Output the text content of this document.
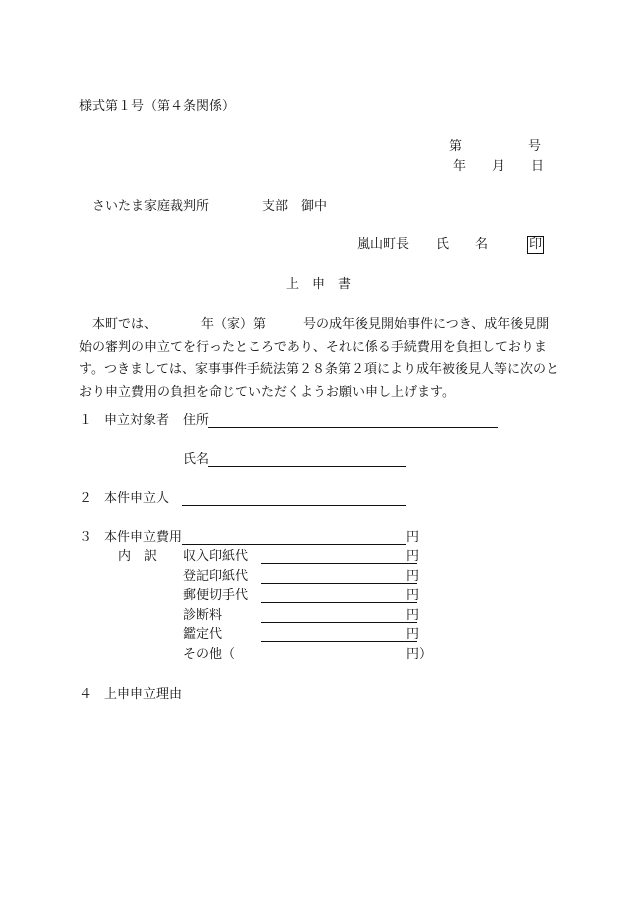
様式第１号（第４条関係）
第	号
年 月 日
さいたま家庭裁判所	支部 御中
嵐山町長 氏 名	印
上　申　書
本町では、	年（家）第	号の成年後見開始事件につき、成年後見開
始の審判の申立てを行ったところであり、それに係る手続費用を負担しておりま
す。つきましては、家事事件手続法第２８条第２項により成年被後見人等に次のと
おり申立費用の負担を命じていただくようお願い申し上げます。
１ 申立対象者 住所
氏名
２ 本件申立人
３ 本件申立費用	円
内　訳 収入印紙代	円
登記印紙代	円
郵便切手代	円
診断料	円
鑑定代	円
その他（	円）
４ 上申申立理由
